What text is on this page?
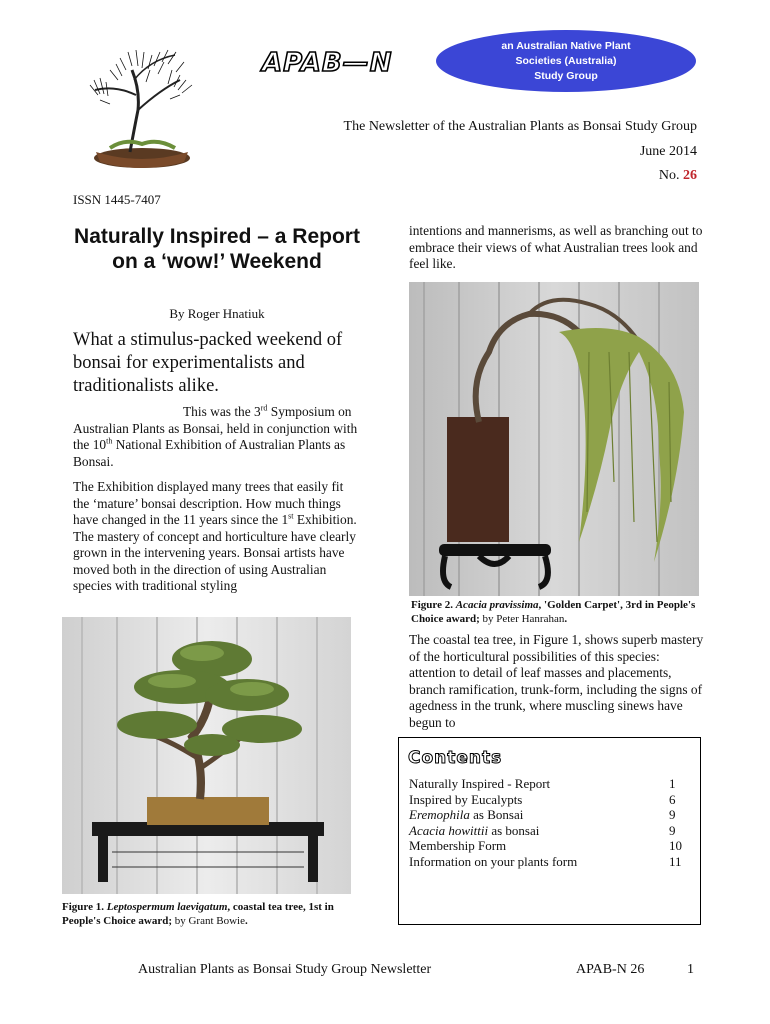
APAB—N
an Australian Native Plant
Societies (Australia)
Study Group
The Newsletter of the Australian Plants as Bonsai Study Group
June 2014
No. 26
ISSN 1445-7407
Naturally Inspired – a Report on a ‘wow!’ Weekend
By Roger Hnatiuk
What a stimulus-packed weekend of bonsai for experimentalists and traditionalists alike.
This was the 3rd Symposium on Australian Plants as Bonsai, held in conjunction with the 10th National Exhibition of Australian Plants as Bonsai.
The Exhibition displayed many trees that easily fit the ‘mature’ bonsai description. How much things have changed in the 11 years since the 1st Exhibition. The mastery of concept and horticulture have clearly grown in the intervening years. Bonsai artists have moved both in the direction of using Australian species with traditional styling
Figure 1. Leptospermum laevigatum, coastal tea tree, 1st in People's Choice award; by Grant Bowie.
intentions and mannerisms, as well as branching out to embrace their views of what Australian trees look and feel like.
Figure 2. Acacia pravissima, 'Golden Carpet', 3rd in People's Choice award; by Peter Hanrahan.
The coastal tea tree, in Figure 1, shows superb mastery of the horticultural possibilities of this species: attention to detail of leaf masses and placements, branch ramification, trunk-form, including the signs of agedness in the trunk, where muscling sinews have begun to
Contents
Naturally Inspired - Report	1
Inspired by Eucalypts	6
Eremophila as Bonsai	9
Acacia howittii as bonsai	9
Membership Form	10
Information on your plants form	11
Australian Plants as Bonsai Study Group Newsletter	APAB-N 26	1
